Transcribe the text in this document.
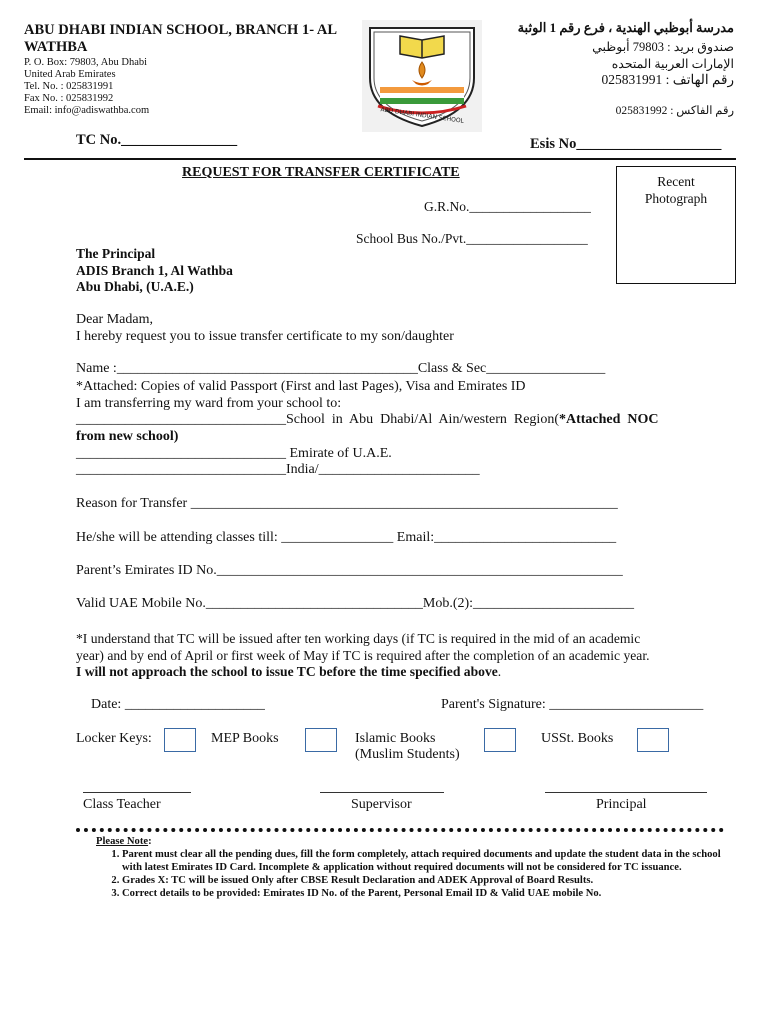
ABU DHABI INDIAN SCHOOL, BRANCH 1- AL WATHBA
P. O. Box: 79803, Abu Dhabi
United Arab Emirates
Tel. No. : 025831991
Fax No. : 025831992
Email: info@adiswathba.com	ABU DHABI INDIAN SCHOOL
مدرسة أبوظبي الهندية ، فرع رقم 1 الوثبة
صندوق بريد : 79803 أبوظبي
الإمارات العربية المتحده
رقم الهاتف : 025831991
رقم الفاكس : 025831992
TC No.________________	Esis No____________________
REQUEST FOR TRANSFER CERTIFICATE
Recent
Photograph
G.R.No.__________________
School Bus No./Pvt.__________________
The Principal
ADIS Branch 1, Al Wathba
Abu Dhabi, (U.A.E.)
Dear Madam,
I hereby request you to issue transfer certificate to my son/daughter
Name :___________________________________________Class & Sec_________________
*Attached: Copies of valid Passport (First and last Pages), Visa and Emirates ID
I am transferring my ward from your school to:
______________________________School  in  Abu  Dhabi/Al  Ain/western  Region(*Attached  NOC
from new school)
______________________________ Emirate of U.A.E.
______________________________India/_______________________
Reason for Transfer _____________________________________________________________
He/she will be attending classes till: ________________ Email:__________________________
Parent’s Emirates ID No.__________________________________________________________
Valid UAE Mobile No._______________________________Mob.(2):_______________________
*I understand that TC will be issued after ten working days (if TC is required in the mid of an academic
year) and by end of April or first week of May if TC is required after the completion of an academic year.
I will not approach the school to issue TC before the time specified above.
Date: ____________________	Parent's Signature: ______________________
Locker Keys:	MEP Books	Islamic Books
(Muslim Students)
USSt. Books
Class Teacher	Supervisor	Principal
Please Note:
1. Parent must clear all the pending dues, fill the form completely, attach required documents and update the student data in the school with latest Emirates ID Card. Incomplete & application without required documents will not be considered for TC issuance.
2. Grades X: TC will be issued Only after CBSE Result Declaration and ADEK Approval of Board Results.
3. Correct details to be provided: Emirates ID No. of the Parent, Personal Email ID & Valid UAE mobile No.
